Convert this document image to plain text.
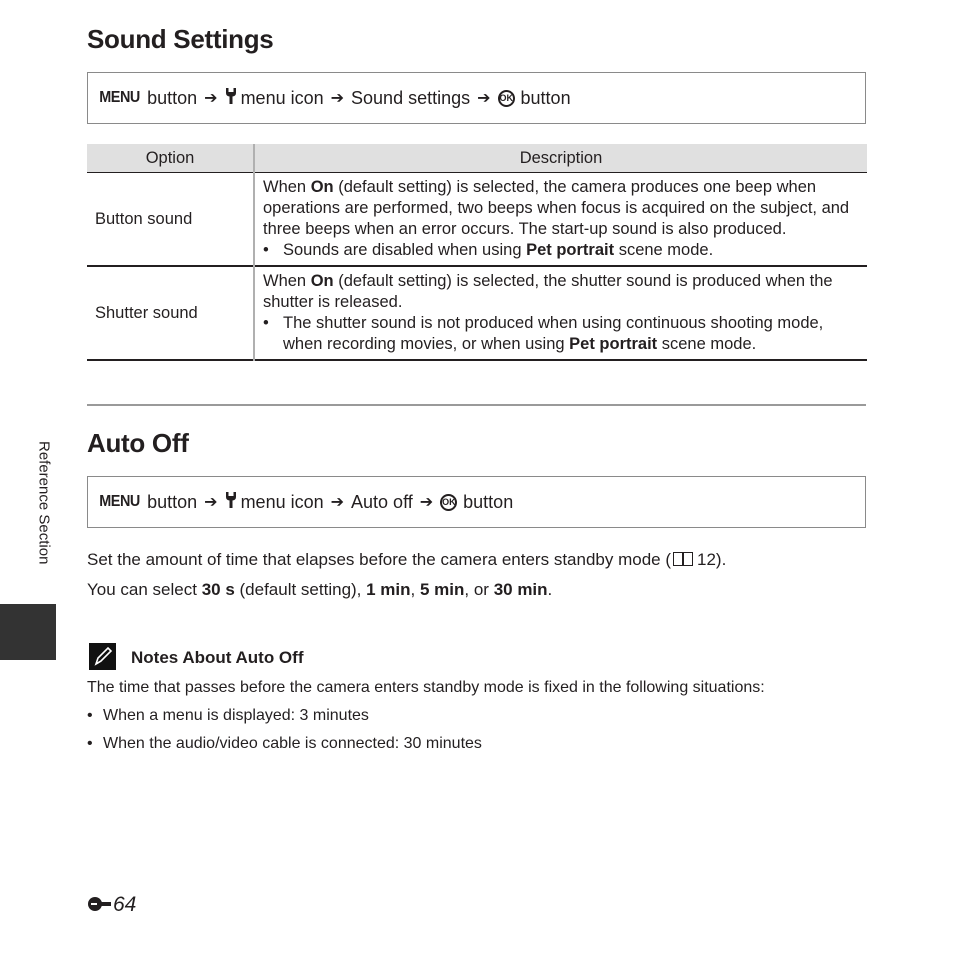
Sound Settings
MENU button ➔ menu icon ➔ Sound settings ➔ OK button
Option	Description
Button sound	When On (default setting) is selected, the camera produces one beep when operations are performed, two beeps when focus is acquired on the subject, and three beeps when an error occurs. The start-up sound is also produced.
• Sounds are disabled when using Pet portrait scene mode.

Shutter sound	When On (default setting) is selected, the shutter sound is produced when the shutter is released.
• The shutter sound is not produced when using continuous shooting mode, when recording movies, or when using Pet portrait scene mode.
Auto Off
MENU button ➔ menu icon ➔ Auto off ➔ OK button

Set the amount of time that elapses before the camera enters standby mode ( 12).

You can select 30 s (default setting), 1 min, 5 min, or 30 min.

Notes About Auto Off

The time that passes before the camera enters standby mode is fixed in the following situations:

• When a menu is displayed: 3 minutes
• When the audio/video cable is connected: 30 minutes
Reference Section
64
